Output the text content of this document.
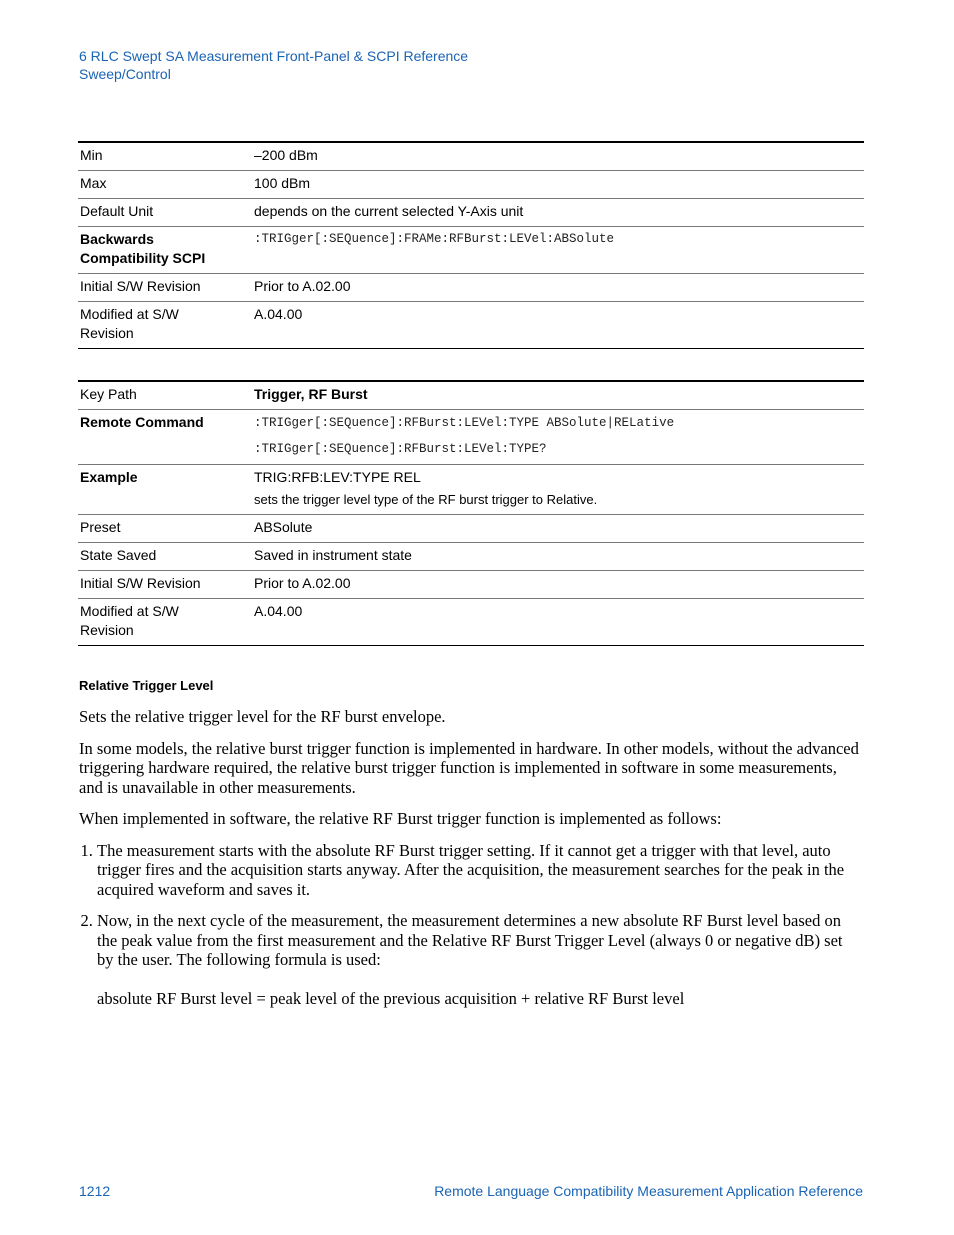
6 RLC Swept SA Measurement Front-Panel & SCPI Reference
Sweep/Control
Min	–200 dBm
Max	100 dBm
Default Unit	depends on the current selected Y-Axis unit
Backwards Compatibility SCPI	:TRIGger[:SEQuence]:FRAMe:RFBurst:LEVel:ABSolute
Initial S/W Revision	Prior to A.02.00
Modified at S/W Revision	A.04.00
Key Path	Trigger, RF Burst
Remote Command	:TRIGger[:SEQuence]:RFBurst:LEVel:TYPE ABSolute|RELative
:TRIGger[:SEQuence]:RFBurst:LEVel:TYPE?

Example	TRIG:RFB:LEV:TYPE REL
sets the trigger level type of the RF burst trigger to Relative.

Preset	ABSolute
State Saved	Saved in instrument state
Initial S/W Revision	Prior to A.02.00
Modified at S/W Revision	A.04.00
Relative Trigger Level

Sets the relative trigger level for the RF burst envelope.

In some models, the relative burst trigger function is implemented in hardware. In other models, without the advanced triggering hardware required, the relative burst trigger function is implemented in software in some measurements, and is unavailable in other measurements.

When implemented in software, the relative RF Burst trigger function is implemented as follows:

1. The measurement starts with the absolute RF Burst trigger setting. If it cannot get a trigger with that level, auto trigger fires and the acquisition starts anyway. After the acquisition, the measurement searches for the peak in the acquired waveform and saves it.
2. Now, in the next cycle of the measurement, the measurement determines a new absolute RF Burst level based on the peak value from the first measurement and the Relative RF Burst Trigger Level (always 0 or negative dB) set by the user. The following formula is used:
absolute RF Burst level = peak level of the previous acquisition + relative RF Burst level
1212	Remote Language Compatibility Measurement Application Reference
